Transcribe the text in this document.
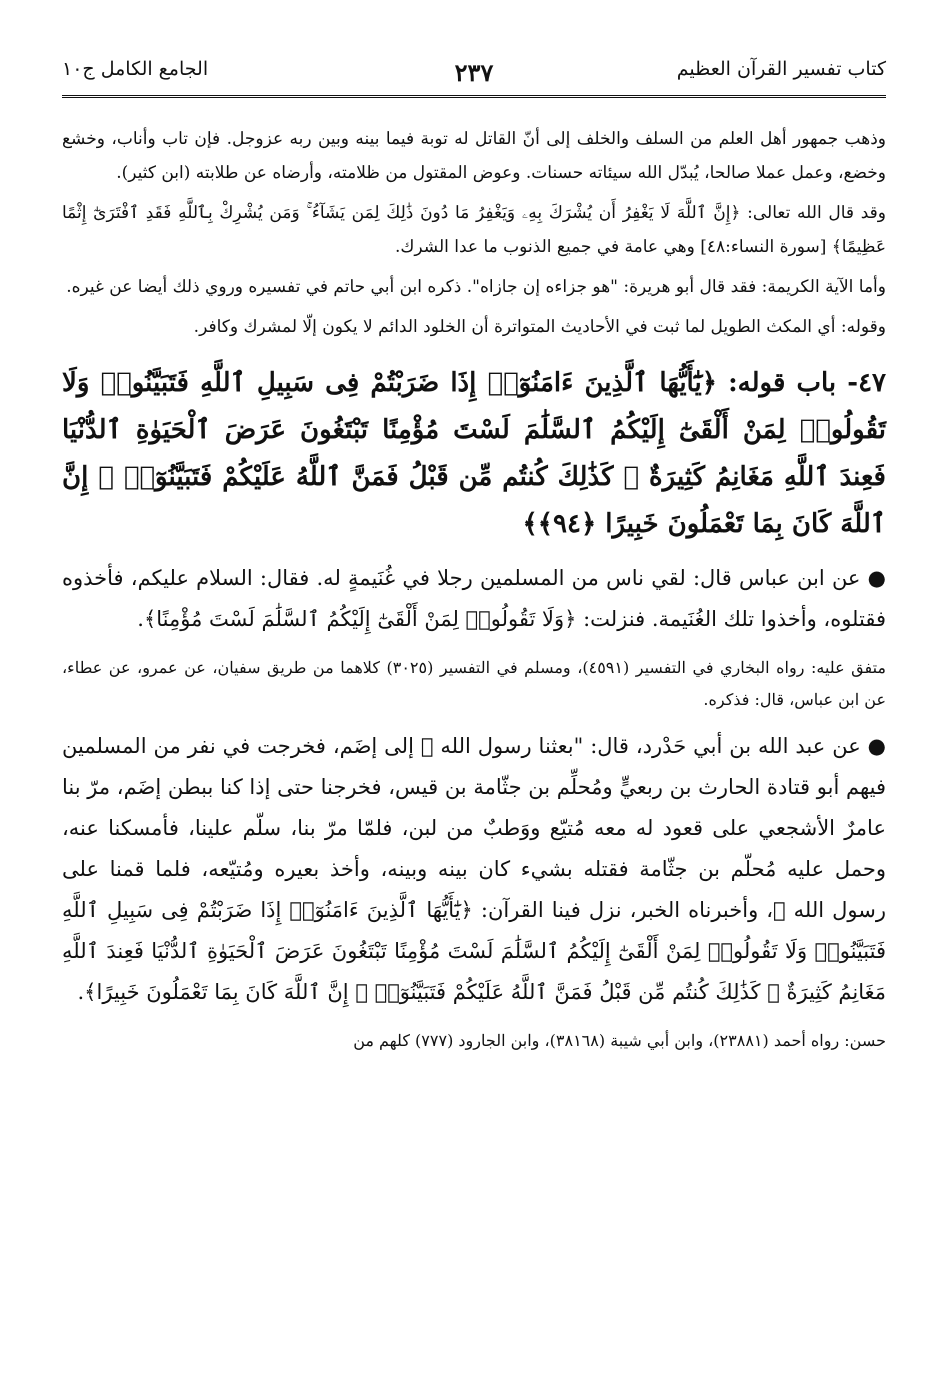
كتاب تفسير القرآن العظيم
٢٣٧
الجامع الكامل ج١٠

وذهب جمهور أهل العلم من السلف والخلف إلى أنّ القاتل له توبة فيما بينه وبين ربه عزوجل. فإن تاب وأناب، وخشع وخضع، وعمل عملا صالحا، يُبدّل الله سيئاته حسنات. وعوض المقتول من ظلامته، وأرضاه عن طلابته (ابن كثير).

وقد قال الله تعالى: ﴿إِنَّ ٱللَّهَ لَا يَغْفِرُ أَن يُشْرَكَ بِهِۦ وَيَغْفِرُ مَا دُونَ ذَٰلِكَ لِمَن يَشَآءُ ۚ وَمَن يُشْرِكْ بِٱللَّهِ فَقَدِ ٱفْتَرَىٰٓ إِثْمًا عَظِيمًا﴾ [سورة النساء:٤٨] وهي عامة في جميع الذنوب ما عدا الشرك.

وأما الآية الكريمة: فقد قال أبو هريرة: "هو جزاءه إن جازاه". ذكره ابن أبي حاتم في تفسيره وروي ذلك أيضا عن غيره.

وقوله: أي المكث الطويل لما ثبت في الأحاديث المتواترة أن الخلود الدائم لا يكون إلّا لمشرك وكافر.

٤٧- باب قوله: ﴿يَٰٓأَيُّهَا ٱلَّذِينَ ءَامَنُوٓا۟ إِذَا ضَرَبْتُمْ فِى سَبِيلِ ٱللَّهِ فَتَبَيَّنُوا۟ وَلَا تَقُولُوا۟ لِمَنْ أَلْقَىٰٓ إِلَيْكُمُ ٱلسَّلَٰمَ لَسْتَ مُؤْمِنًا تَبْتَغُونَ عَرَضَ ٱلْحَيَوٰةِ ٱلدُّنْيَا فَعِندَ ٱللَّهِ مَغَانِمُ كَثِيرَةٌ ۚ كَذَٰلِكَ كُنتُم مِّن قَبْلُ فَمَنَّ ٱللَّهُ عَلَيْكُمْ فَتَبَيَّنُوٓا۟ ۚ إِنَّ ٱللَّهَ كَانَ بِمَا تَعْمَلُونَ خَبِيرًا ﴿٩٤﴾﴾

● عن ابن عباس قال: لقي ناس من المسلمين رجلا في غُنَيمةٍ له. فقال: السلام عليكم، فأخذوه فقتلوه، وأخذوا تلك الغُنَيمة. فنزلت: ﴿وَلَا تَقُولُوا۟ لِمَنْ أَلْقَىٰٓ إِلَيْكُمُ ٱلسَّلَٰمَ لَسْتَ مُؤْمِنًا﴾.

متفق عليه: رواه البخاري في التفسير (٤٥٩١)، ومسلم في التفسير (٣٠٢٥) كلاهما من طريق سفيان، عن عمرو، عن عطاء، عن ابن عباس، قال: فذكره.

● عن عبد الله بن أبي حَدْرد، قال: "بعثنا رسول الله ﷺ إلى إضَم، فخرجت في نفر من المسلمين فيهم أبو قتادة الحارث بن ربعيٍّ ومُحلِّم بن جثّامة بن قيس، فخرجنا حتى إذا كنا ببطن إضَم، مرّ بنا عامرٌ الأشجعي على قعود له معه مُتيّع ووَطبٌ من لبن، فلمّا مرّ بنا، سلّم علينا، فأمسكنا عنه، وحمل عليه مُحلّم بن جثّامة فقتله بشيء كان بينه وبينه، وأخذ بعيره ومُتيّعه، فلما قمنا على رسول الله ﷺ، وأخبرناه الخبر، نزل فينا القرآن: ﴿يَٰٓأَيُّهَا ٱلَّذِينَ ءَامَنُوٓا۟ إِذَا ضَرَبْتُمْ فِى سَبِيلِ ٱللَّهِ فَتَبَيَّنُوا۟ وَلَا تَقُولُوا۟ لِمَنْ أَلْقَىٰٓ إِلَيْكُمُ ٱلسَّلَٰمَ لَسْتَ مُؤْمِنًا تَبْتَغُونَ عَرَضَ ٱلْحَيَوٰةِ ٱلدُّنْيَا فَعِندَ ٱللَّهِ مَغَانِمُ كَثِيرَةٌ ۚ كَذَٰلِكَ كُنتُم مِّن قَبْلُ فَمَنَّ ٱللَّهُ عَلَيْكُمْ فَتَبَيَّنُوٓا۟ ۚ إِنَّ ٱللَّهَ كَانَ بِمَا تَعْمَلُونَ خَبِيرًا﴾.

حسن: رواه أحمد (٢٣٨٨١)، وابن أبي شيبة (٣٨١٦٨)، وابن الجارود (٧٧٧) كلهم من
